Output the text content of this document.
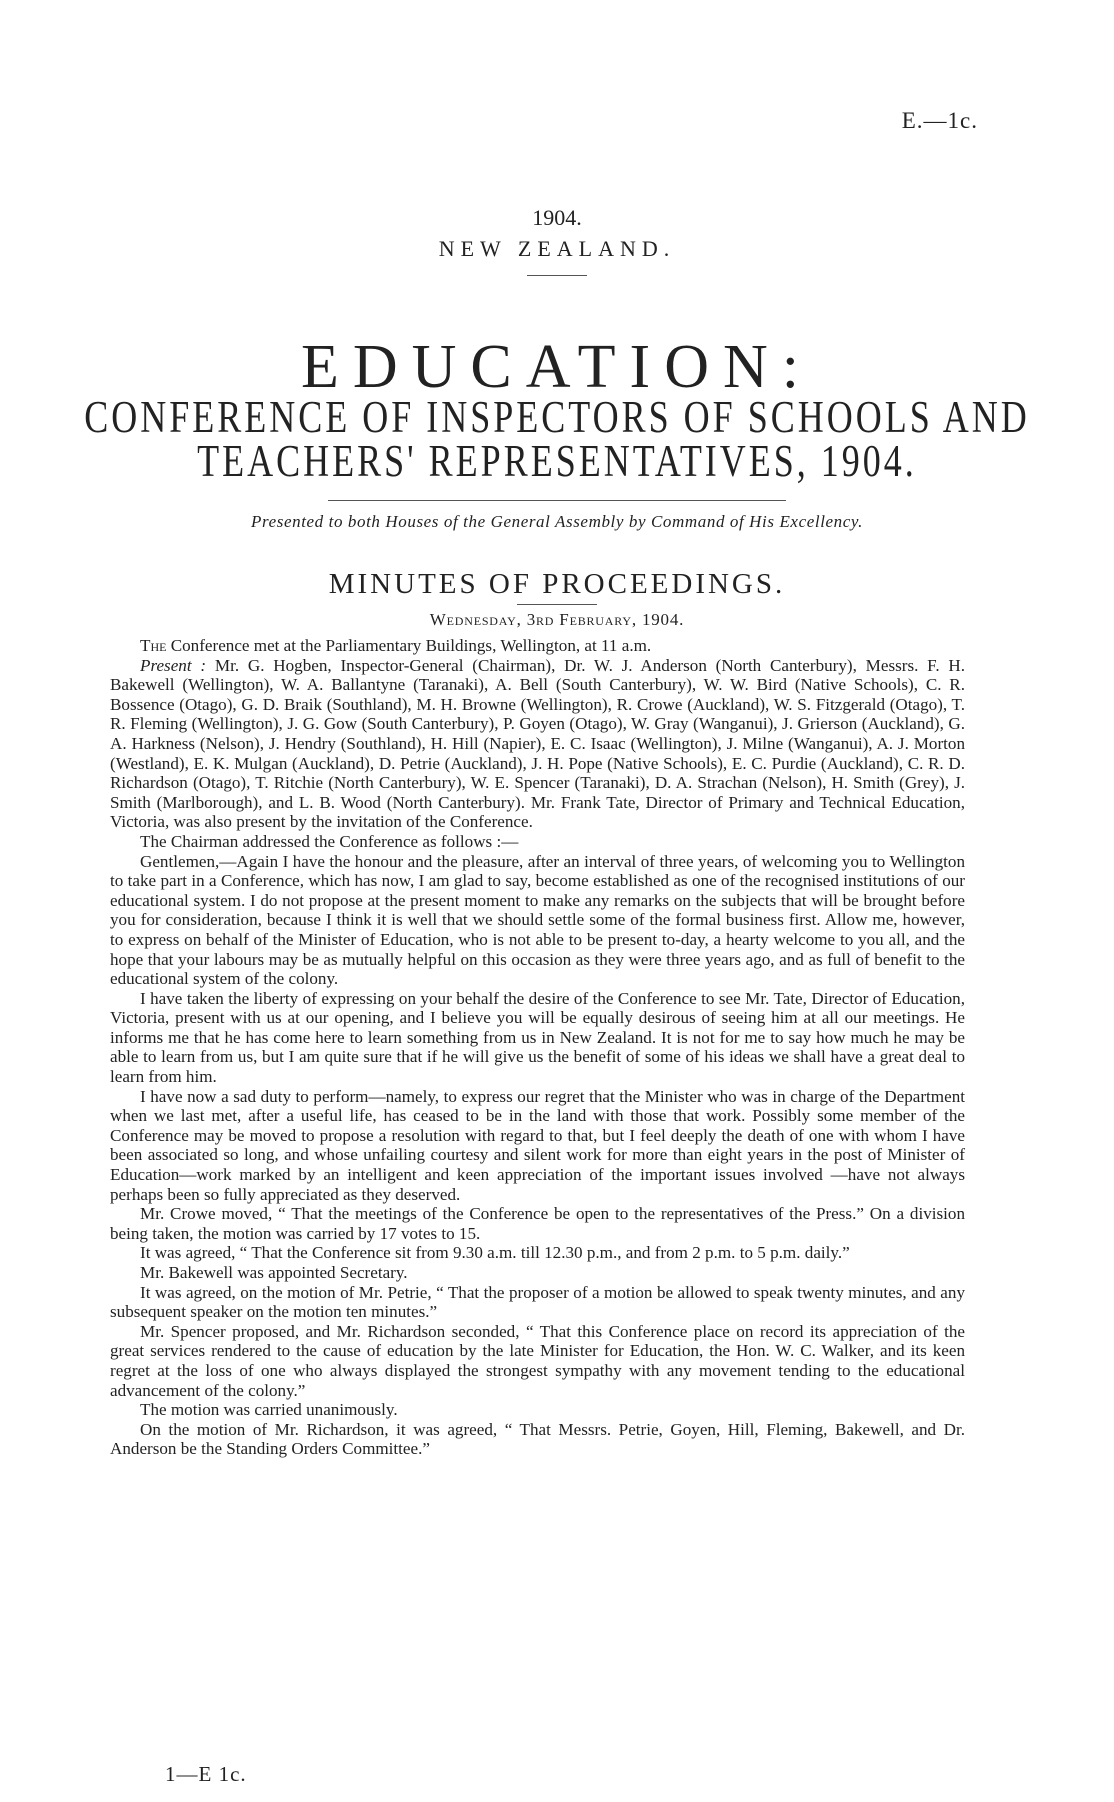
E.—1c.
1904.
NEW ZEALAND.
EDUCATION:
CONFERENCE OF INSPECTORS OF SCHOOLS AND
TEACHERS' REPRESENTATIVES, 1904.
Presented to both Houses of the General Assembly by Command of His Excellency.
MINUTES OF PROCEEDINGS.
Wednesday, 3rd February, 1904.

The Conference met at the Parliamentary Buildings, Wellington, at 11 a.m.

Present : Mr. G. Hogben, Inspector-General (Chairman), Dr. W. J. Anderson (North Canterbury), Messrs. F. H. Bakewell (Wellington), W. A. Ballantyne (Taranaki), A. Bell (South Canterbury), W. W. Bird (Native Schools), C. R. Bossence (Otago), G. D. Braik (Southland), M. H. Browne (Wellington), R. Crowe (Auckland), W. S. Fitzgerald (Otago), T. R. Fleming (Wellington), J. G. Gow (South Canterbury), P. Goyen (Otago), W. Gray (Wanganui), J. Grierson (Auckland), G. A. Harkness (Nelson), J. Hendry (Southland), H. Hill (Napier), E. C. Isaac (Wellington), J. Milne (Wanganui), A. J. Morton (Westland), E. K. Mulgan (Auckland), D. Petrie (Auckland), J. H. Pope (Native Schools), E. C. Purdie (Auckland), C. R. D. Richardson (Otago), T. Ritchie (North Canterbury), W. E. Spencer (Taranaki), D. A. Strachan (Nelson), H. Smith (Grey), J. Smith (Marlborough), and L. B. Wood (North Canterbury). Mr. Frank Tate, Director of Primary and Technical Education, Victoria, was also present by the invitation of the Conference.

The Chairman addressed the Conference as follows :—

Gentlemen,—Again I have the honour and the pleasure, after an interval of three years, of welcoming you to Wellington to take part in a Conference, which has now, I am glad to say, become established as one of the recognised institutions of our educational system. I do not propose at the present moment to make any remarks on the subjects that will be brought before you for consideration, because I think it is well that we should settle some of the formal business first. Allow me, however, to express on behalf of the Minister of Education, who is not able to be present to-day, a hearty welcome to you all, and the hope that your labours may be as mutually helpful on this occasion as they were three years ago, and as full of benefit to the educational system of the colony.

I have taken the liberty of expressing on your behalf the desire of the Conference to see Mr. Tate, Director of Education, Victoria, present with us at our opening, and I believe you will be equally desirous of seeing him at all our meetings. He informs me that he has come here to learn something from us in New Zealand. It is not for me to say how much he may be able to learn from us, but I am quite sure that if he will give us the benefit of some of his ideas we shall have a great deal to learn from him.

I have now a sad duty to perform—namely, to express our regret that the Minister who was in charge of the Department when we last met, after a useful life, has ceased to be in the land with those that work. Possibly some member of the Conference may be moved to propose a resolution with regard to that, but I feel deeply the death of one with whom I have been associated so long, and whose unfailing courtesy and silent work for more than eight years in the post of Minister of Education—work marked by an intelligent and keen appreciation of the important issues involved —have not always perhaps been so fully appreciated as they deserved.

Mr. Crowe moved, “ That the meetings of the Conference be open to the representatives of the Press.” On a division being taken, the motion was carried by 17 votes to 15.

It was agreed, “ That the Conference sit from 9.30 a.m. till 12.30 p.m., and from 2 p.m. to 5 p.m. daily.”

Mr. Bakewell was appointed Secretary.

It was agreed, on the motion of Mr. Petrie, “ That the proposer of a motion be allowed to speak twenty minutes, and any subsequent speaker on the motion ten minutes.”

Mr. Spencer proposed, and Mr. Richardson seconded, “ That this Conference place on record its appreciation of the great services rendered to the cause of education by the late Minister for Education, the Hon. W. C. Walker, and its keen regret at the loss of one who always displayed the strongest sympathy with any movement tending to the educational advancement of the colony.”

The motion was carried unanimously.

On the motion of Mr. Richardson, it was agreed, “ That Messrs. Petrie, Goyen, Hill, Fleming, Bakewell, and Dr. Anderson be the Standing Orders Committee.”

1—E 1c.
